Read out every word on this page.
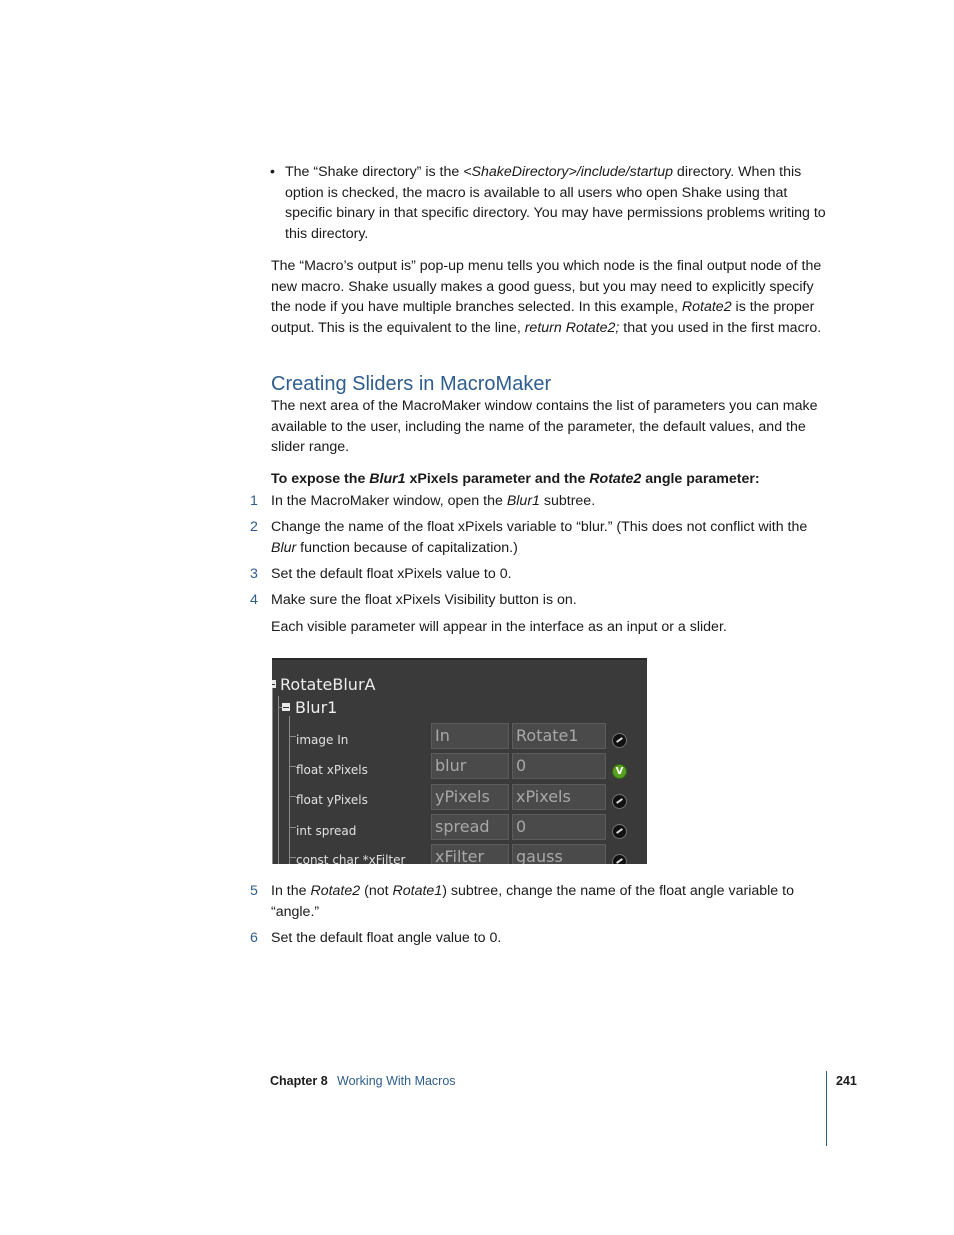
• The “Shake directory” is the <ShakeDirectory>/include/startup directory. When this option is checked, the macro is available to all users who open Shake using that specific binary in that specific directory. You may have permissions problems writing to this directory.

The “Macro’s output is” pop-up menu tells you which node is the final output node of the new macro. Shake usually makes a good guess, but you may need to explicitly specify the node if you have multiple branches selected. In this example, Rotate2 is the proper output. This is the equivalent to the line, return Rotate2; that you used in the first macro.

Creating Sliders in MacroMaker

The next area of the MacroMaker window contains the list of parameters you can make available to the user, including the name of the parameter, the default values, and the slider range.

To expose the Blur1 xPixels parameter and the Rotate2 angle parameter:

1 In the MacroMaker window, open the Blur1 subtree.

2 Change the name of the float xPixels variable to “blur.” (This does not conflict with the Blur function because of capitalization.)

3 Set the default float xPixels value to 0.

4 Make sure the float xPixels Visibility button is on.

Each visible parameter will appear in the interface as an input or a slider.

RotateBlurA
Blur1
image In	In	Rotate1
float xPixels	blur	0	V
float yPixels	yPixels	xPixels
int spread	spread	0
const char *xFilter xFilter	gauss
5 In the Rotate2 (not Rotate1) subtree, change the name of the float angle variable to “angle.”

6 Set the default float angle value to 0.

Chapter 8 Working With Macros	241
